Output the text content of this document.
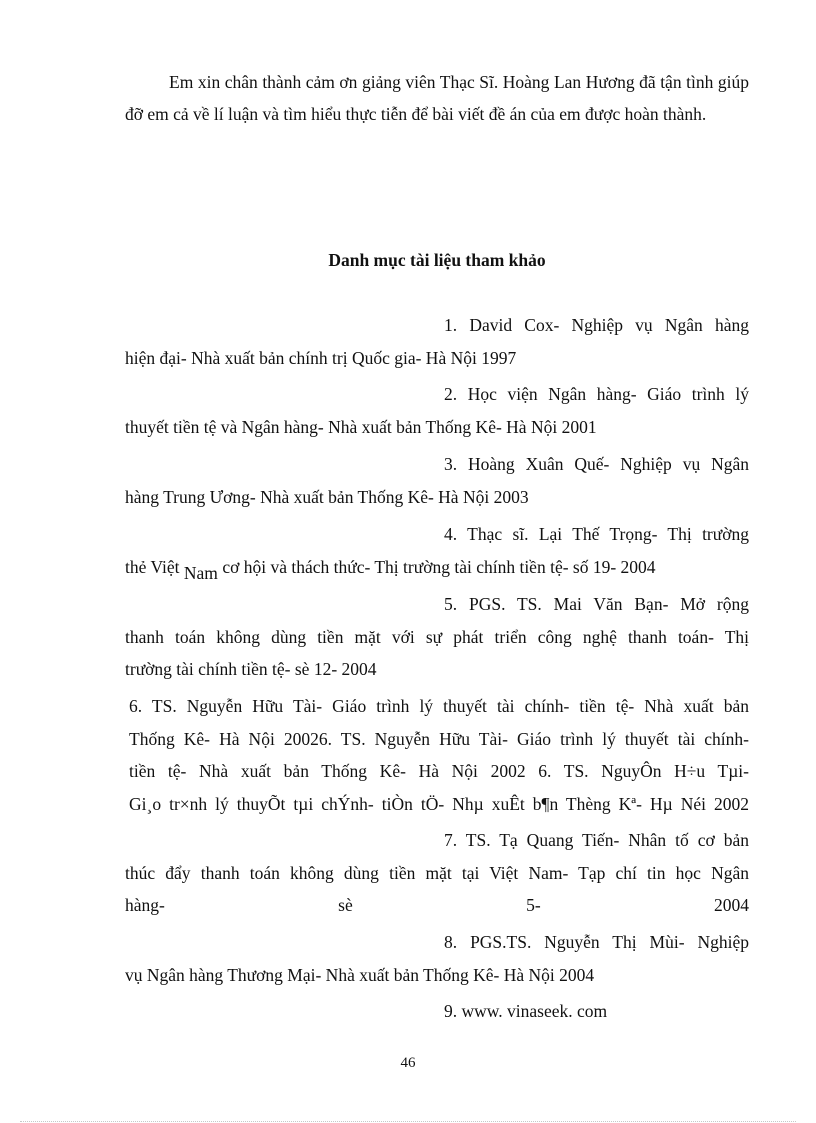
Em xin chân thành cảm ơn giảng viên Thạc Sĩ. Hoàng Lan Hương đã tận tình giúp đỡ em cả về lí luận và tìm hiểu thực tiễn để bài viết đề án của em được hoàn thành.

Danh mục tài liệu tham khảo
1. David Cox- Nghiệp vụ Ngân hàng
hiện đại- Nhà xuất bản chính trị Quốc gia- Hà Nội 1997
2. Học viện Ngân hàng- Giáo trình lý
thuyết tiền tệ và Ngân hàng- Nhà xuất bản Thống Kê- Hà Nội 2001
3. Hoàng Xuân Quế- Nghiệp vụ Ngân
hàng Trung Ương- Nhà xuất bản Thống Kê- Hà Nội 2003
4. Thạc sĩ. Lại Thế Trọng- Thị trường
thẻ Việt Nam cơ hội và thách thức- Thị trường tài chính tiền tệ- số 19- 2004
5. PGS. TS. Mai Văn Bạn- Mở rộng
thanh toán không dùng tiền mặt với sự phát triển công nghệ thanh toán- Thị
trường tài chính tiền tệ- sè 12- 2004
6. TS. Nguyễn Hữu Tài- Giáo trình lý thuyết tài chính- tiền tệ- Nhà xuất bản
Thống Kê- Hà Nội 20026. TS. Nguyễn Hữu Tài- Giáo trình lý thuyết tài chính-
tiền tệ- Nhà xuất bản Thống Kê- Hà Nội 2002 6. TS. NguyÔn H÷u Tµi-
Gi¸o tr×nh lý thuyÕt tµi chÝnh- tiÒn tÖ- Nhµ xuÊt b¶n Thèng Kª- Hµ Néi 2002
7. TS. Tạ Quang Tiến- Nhân tố cơ bản
thúc đẩy thanh toán không dùng tiền mặt tại Việt Nam- Tạp chí tin học Ngân
hàng- sè 5- 2004
8. PGS.TS. Nguyễn Thị Mùi- Nghiệp
vụ Ngân hàng Thương Mại- Nhà xuất bản Thống Kê- Hà Nội 2004
9. www. vinaseek. com
46
